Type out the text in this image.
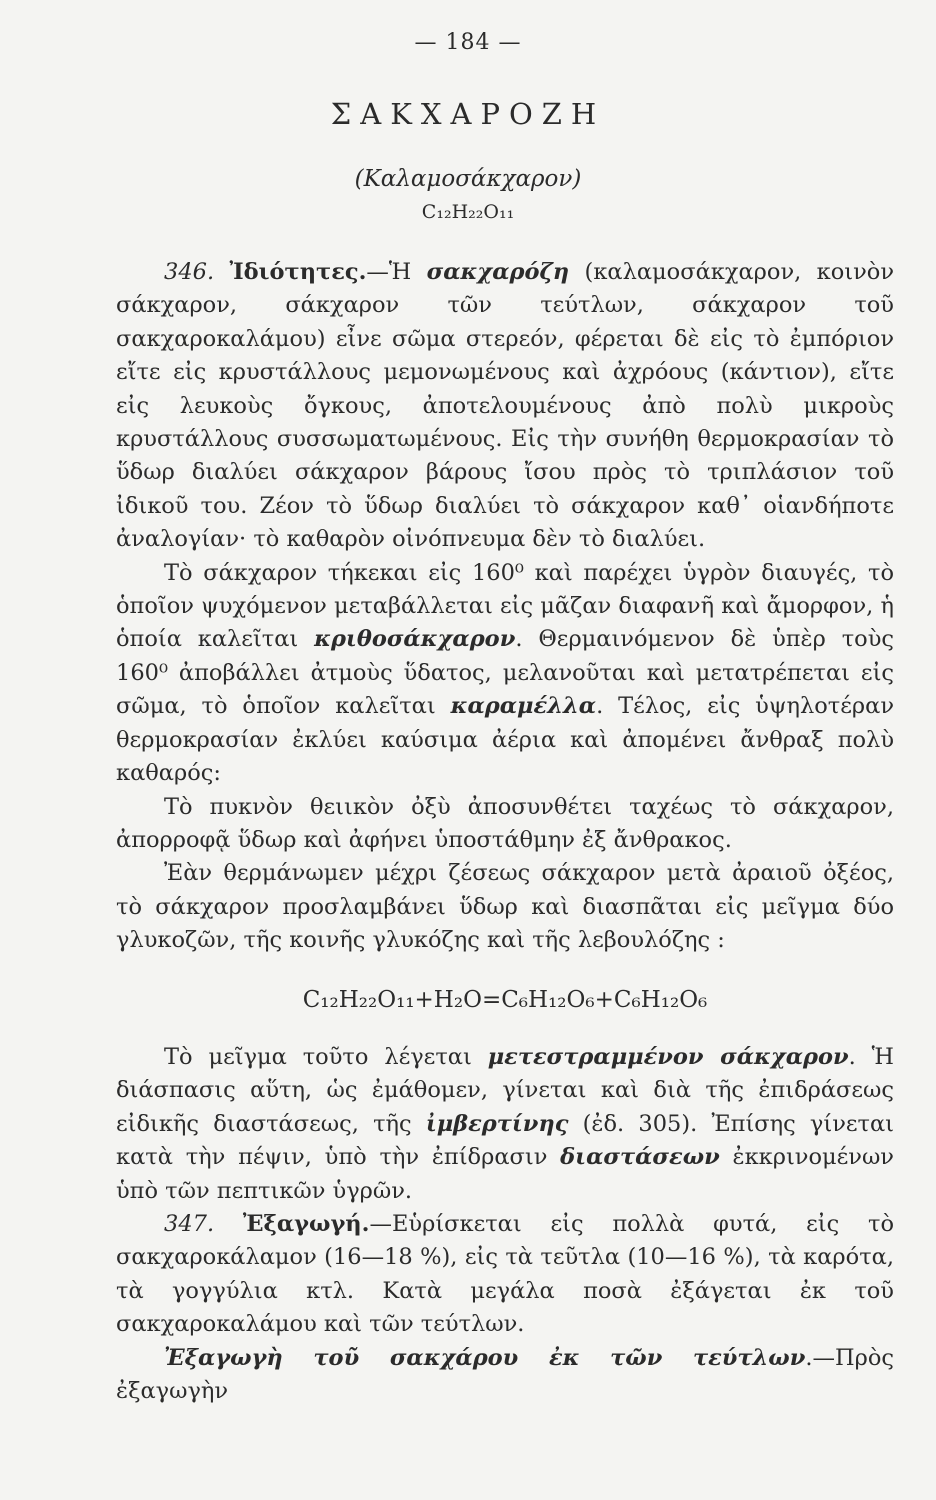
— 184 —
ΣΑΚΧΑΡΟΖΗ
(Καλαμοσάκχαρον)
C₁₂H₂₂O₁₁

346. Ἰδιότητες.—Ἡ σακχαρόζη (καλαμοσάκχαρον, κοινὸν σάκχαρον, σάκχαρον τῶν τεύτλων, σάκχαρον τοῦ σακχαροκαλάμου) εἶνε σῶμα στερεόν, φέρεται δὲ εἰς τὸ ἐμπόριον εἴτε εἰς κρυστάλλους μεμονωμένους καὶ ἀχρόους (κάντιον), εἴτε εἰς λευκοὺς ὄγκους, ἀποτελουμένους ἀπὸ πολὺ μικροὺς κρυστάλλους συσσωματωμένους. Εἰς τὴν συνήθη θερμοκρασίαν τὸ ὕδωρ διαλύει σάκχαρον βάρους ἴσου πρὸς τὸ τριπλάσιον τοῦ ἰδικοῦ του. Ζέον τὸ ὕδωρ διαλύει τὸ σάκχαρον καθ᾽ οἱανδήποτε ἀναλογίαν· τὸ καθαρὸν οἰνόπνευμα δὲν τὸ διαλύει.

Τὸ σάκχαρον τήκεκαι εἰς 160⁰ καὶ παρέχει ὑγρὸν διαυγές, τὸ ὁποῖον ψυχόμενον μεταβάλλεται εἰς μᾶζαν διαφανῆ καὶ ἄμορφον, ἡ ὁποία καλεῖται κριθοσάκχαρον. Θερμαινόμενον δὲ ὑπὲρ τοὺς 160⁰ ἀποβάλλει ἀτμοὺς ὕδατος, μελανοῦται καὶ μετατρέπεται εἰς σῶμα, τὸ ὁποῖον καλεῖται καραμέλλα. Τέλος, εἰς ὑψηλοτέραν θερμοκρασίαν ἐκλύει καύσιμα ἀέρια καὶ ἀπομένει ἄνθραξ πολὺ καθαρός:

Τὸ πυκνὸν θειικὸν ὀξὺ ἀποσυνθέτει ταχέως τὸ σάκχαρον, ἀπορροφᾷ ὕδωρ καὶ ἀφήνει ὑποστάθμην ἐξ ἄνθρακος.

Ἐὰν θερμάνωμεν μέχρι ζέσεως σάκχαρον μετὰ ἀραιοῦ ὀξέος, τὸ σάκχαρον προσλαμβάνει ὕδωρ καὶ διασπᾶται εἰς μεῖγμα δύο γλυκοζῶν, τῆς κοινῆς γλυκόζης καὶ τῆς λεβουλόζης :

C₁₂H₂₂O₁₁+H₂O=C₆H₁₂O₆+C₆H₁₂O₆

Τὸ μεῖγμα τοῦτο λέγεται μετεστραμμένον σάκχαρον. Ἡ διάσπασις αὕτη, ὡς ἐμάθομεν, γίνεται καὶ διὰ τῆς ἐπιδράσεως εἰδικῆς διαστάσεως, τῆς ἰμβερτίνης (ἐδ. 305). Ἐπίσης γίνεται κατὰ τὴν πέψιν, ὑπὸ τὴν ἐπίδρασιν διαστάσεων ἐκκρινομένων ὑπὸ τῶν πεπτικῶν ὑγρῶν.

347. Ἐξαγωγή.—Εὑρίσκεται εἰς πολλὰ φυτά, εἰς τὸ σακχαροκάλαμον (16—18 %), εἰς τὰ τεῦτλα (10—16 %), τὰ καρότα, τὰ γογγύλια κτλ. Κατὰ μεγάλα ποσὰ ἐξάγεται ἐκ τοῦ σακχαροκαλάμου καὶ τῶν τεύτλων.

Ἐξαγωγὴ τοῦ σακχάρου ἐκ τῶν τεύτλων.—Πρὸς ἐξαγωγὴν
